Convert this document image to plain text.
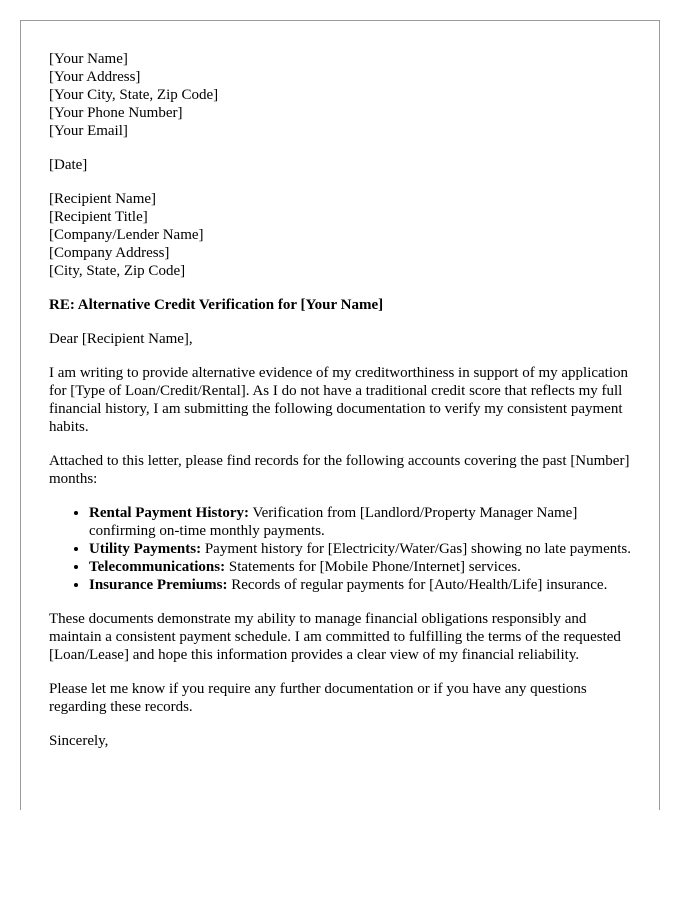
[Your Name]
[Your Address]
[Your City, State, Zip Code]
[Your Phone Number]
[Your Email]
[Date]
[Recipient Name]
[Recipient Title]
[Company/Lender Name]
[Company Address]
[City, State, Zip Code]
RE: Alternative Credit Verification for [Your Name]

Dear [Recipient Name],

I am writing to provide alternative evidence of my creditworthiness in support of my application for [Type of Loan/Credit/Rental]. As I do not have a traditional credit score that reflects my full financial history, I am submitting the following documentation to verify my consistent payment habits.

Attached to this letter, please find records for the following accounts covering the past [Number] months:

• Rental Payment History: Verification from [Landlord/Property Manager Name] confirming on-time monthly payments.
• Utility Payments: Payment history for [Electricity/Water/Gas] showing no late payments.
• Telecommunications: Statements for [Mobile Phone/Internet] services.
• Insurance Premiums: Records of regular payments for [Auto/Health/Life] insurance.

These documents demonstrate my ability to manage financial obligations responsibly and maintain a consistent payment schedule. I am committed to fulfilling the terms of the requested [Loan/Lease] and hope this information provides a clear view of my financial reliability.

Please let me know if you require any further documentation or if you have any questions regarding these records.

Sincerely,
